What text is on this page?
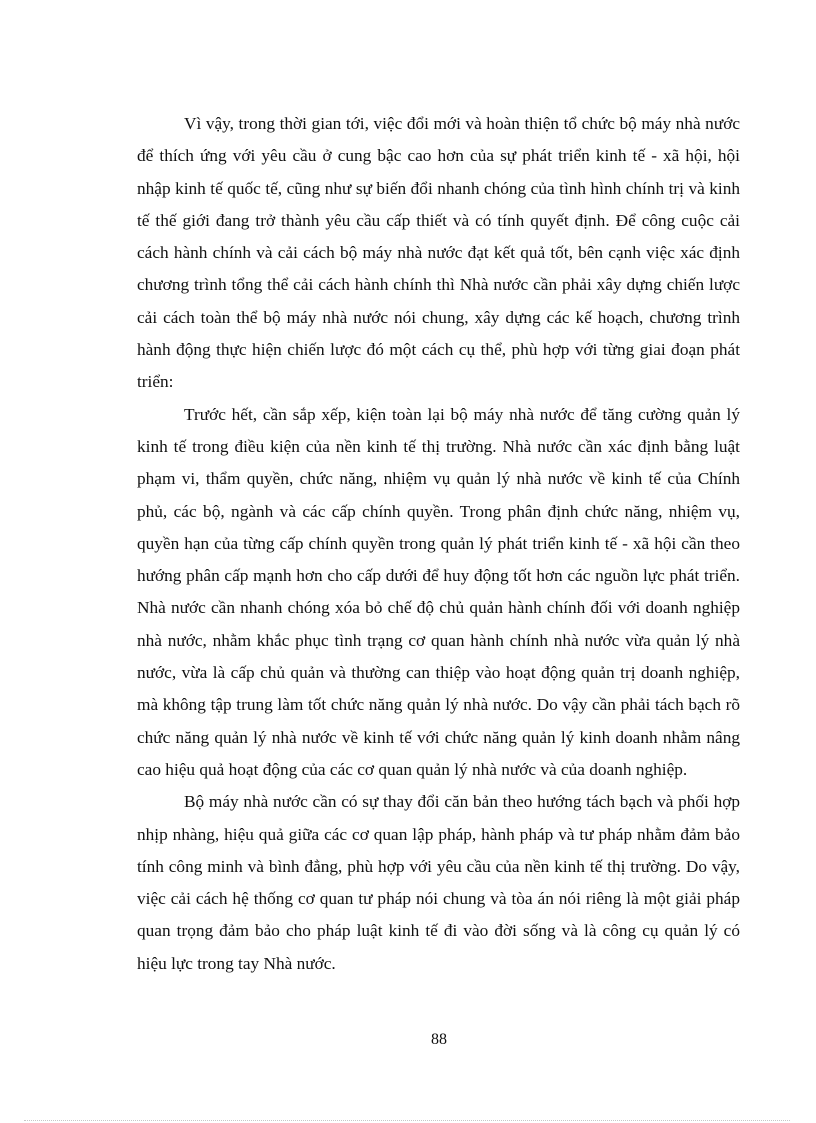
Vì vậy, trong thời gian tới, việc đổi mới và hoàn thiện tổ chức bộ máy nhà nước để thích ứng với yêu cầu ở cung bậc cao hơn của sự phát triển kinh tế - xã hội, hội nhập kinh tế quốc tế, cũng như sự biến đổi nhanh chóng của tình hình chính trị và kinh tế thế giới đang trở thành yêu cầu cấp thiết và có tính quyết định. Để công cuộc cải cách hành chính và cải cách bộ máy nhà nước đạt kết quả tốt, bên cạnh việc xác định chương trình tổng thể cải cách hành chính thì Nhà nước cần phải xây dựng chiến lược cải cách toàn thể bộ máy nhà nước nói chung, xây dựng các kế hoạch, chương trình hành động thực hiện chiến lược đó một cách cụ thể, phù hợp với từng giai đoạn phát triển:

Trước hết, cần sắp xếp, kiện toàn lại bộ máy nhà nước để tăng cường quản lý kinh tế trong điều kiện của nền kinh tế thị trường. Nhà nước cần xác định bằng luật phạm vi, thẩm quyền, chức năng, nhiệm vụ quản lý nhà nước về kinh tế của Chính phủ, các bộ, ngành và các cấp chính quyền. Trong phân định chức năng, nhiệm vụ, quyền hạn của từng cấp chính quyền trong quản lý phát triển kinh tế - xã hội cần theo hướng phân cấp mạnh hơn cho cấp dưới để huy động tốt hơn các nguồn lực phát triển. Nhà nước cần nhanh chóng xóa bỏ chế độ chủ quản hành chính đối với doanh nghiệp nhà nước, nhằm khắc phục tình trạng cơ quan hành chính nhà nước vừa quản lý nhà nước, vừa là cấp chủ quản và thường can thiệp vào hoạt động quản trị doanh nghiệp, mà không tập trung làm tốt chức năng quản lý nhà nước. Do vậy cần phải tách bạch rõ chức năng quản lý nhà nước về kinh tế với chức năng quản lý kinh doanh nhằm nâng cao hiệu quả hoạt động của các cơ quan quản lý nhà nước và của doanh nghiệp.

Bộ máy nhà nước cần có sự thay đổi căn bản theo hướng tách bạch và phối hợp nhịp nhàng, hiệu quả giữa các cơ quan lập pháp, hành pháp và tư pháp nhằm đảm bảo tính công minh và bình đẳng, phù hợp với yêu cầu của nền kinh tế thị trường. Do vậy, việc cải cách hệ thống cơ quan tư pháp nói chung và tòa án nói riêng là một giải pháp quan trọng đảm bảo cho pháp luật kinh tế đi vào đời sống và là công cụ quản lý có hiệu lực trong tay Nhà nước.

88
